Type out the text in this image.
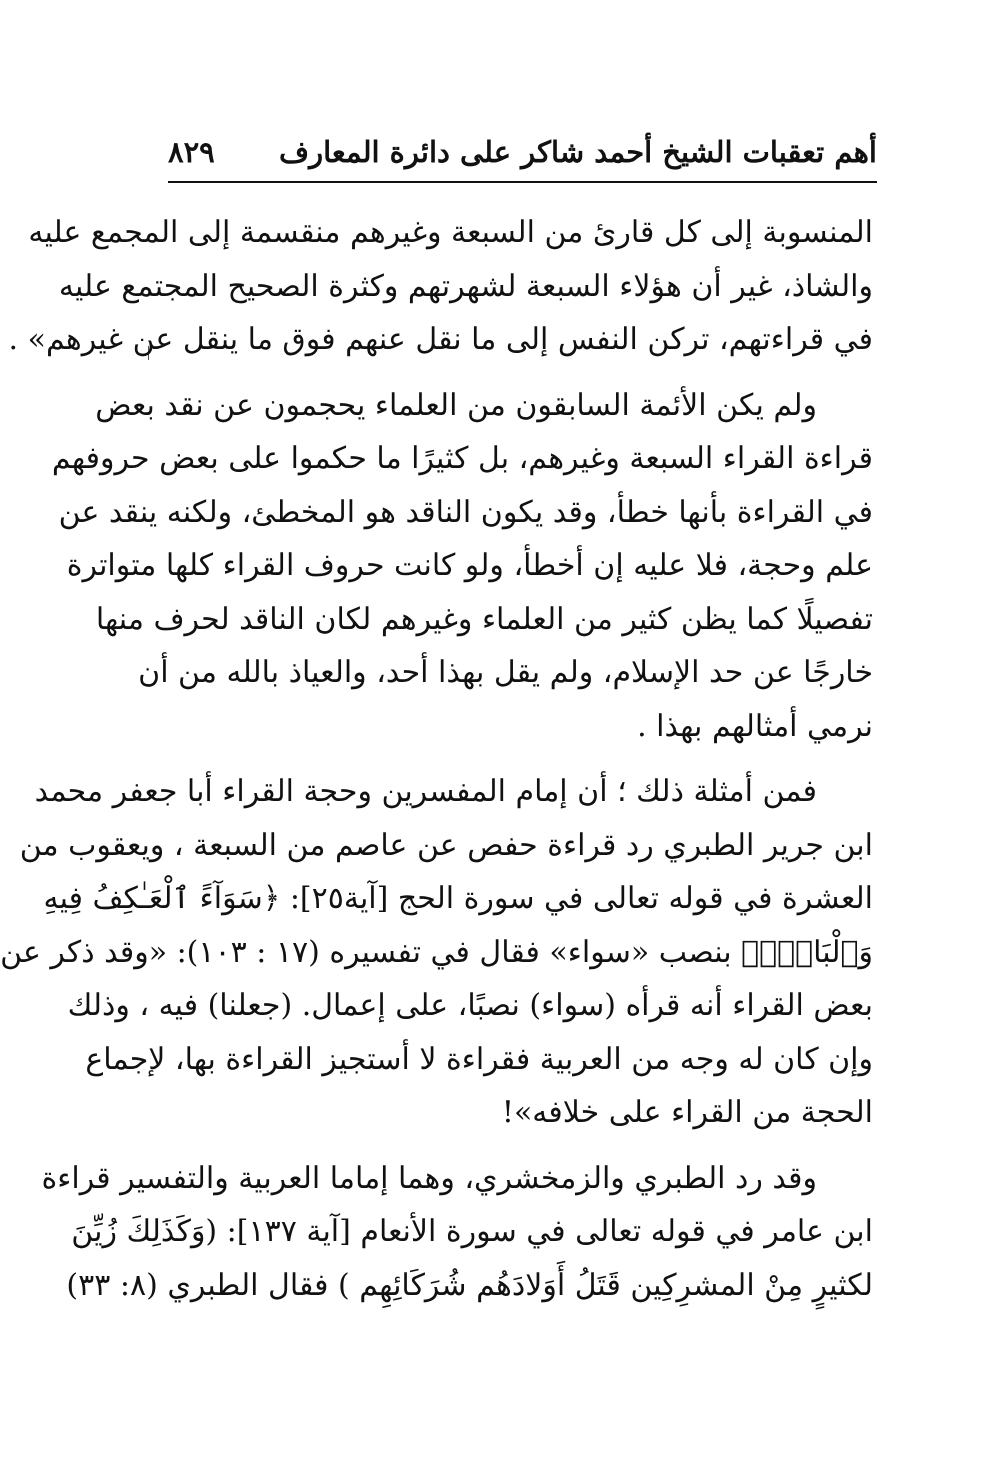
أهم تعقبات الشيخ أحمد شاكر على دائرة المعارف
٨٢٩

المنسوبة إلى كل قارئ من السبعة وغيرهم منقسمة إلى المجمع عليه
والشاذ، غير أن هؤلاء السبعة لشهرتهم وكثرة الصحيح المجتمع عليه
في قراءتهم، تركن النفس إلى ما نقل عنهم فوق ما ينقل عن غيرهم» .

ولم يكن الأئمة السابقون من العلماء يحجمون عن نقد بعض
قراءة القراء السبعة وغيرهم، بل كثيرًا ما حكموا على بعض حروفهم
في القراءة بأنها خطأ، وقد يكون الناقد هو المخطئ، ولكنه ينقد عن
علم وحجة، فلا عليه إن أخطأ، ولو كانت حروف القراء كلها متواترة
تفصيلًا كما يظن كثير من العلماء وغيرهم لكان الناقد لحرف منها
خارجًا عن حد الإسلام، ولم يقل بهذا أحد، والعياذ بالله من أن
نرمي أمثالهم بهذا .

فمن أمثلة ذلك ؛ أن إمام المفسرين وحجة القراء أبا جعفر محمد
ابن جرير الطبري رد قراءة حفص عن عاصم من السبعة ، ويعقوب من
العشرة في قوله تعالى في سورة الحج [آية٢٥]: ﴿سَوَآءً ٱلْعَـٰكِفُ فِيهِ
وَٱلْبَادِۚ﴾ بنصب «سواء» فقال في تفسيره (١٧ : ١٠٣): «وقد ذكر عن
بعض القراء أنه قرأه (سواء) نصبًا، على إعمال. (جعلنا) فيه ، وذلك
وإن كان له وجه من العربية فقراءة لا أستجيز القراءة بها، لإجماع
الحجة من القراء على خلافه»!

وقد رد الطبري والزمخشري، وهما إماما العربية والتفسير قراءة
ابن عامر في قوله تعالى في سورة الأنعام [آية ١٣٧]: (وَكَذَلِكَ زُيِّنَ
لكثيرٍ مِنْ المشرِكِين قَتَلُ أَوَلادَهُم شُرَكَائِهِم ) فقال الطبري (٨: ٣٣)
